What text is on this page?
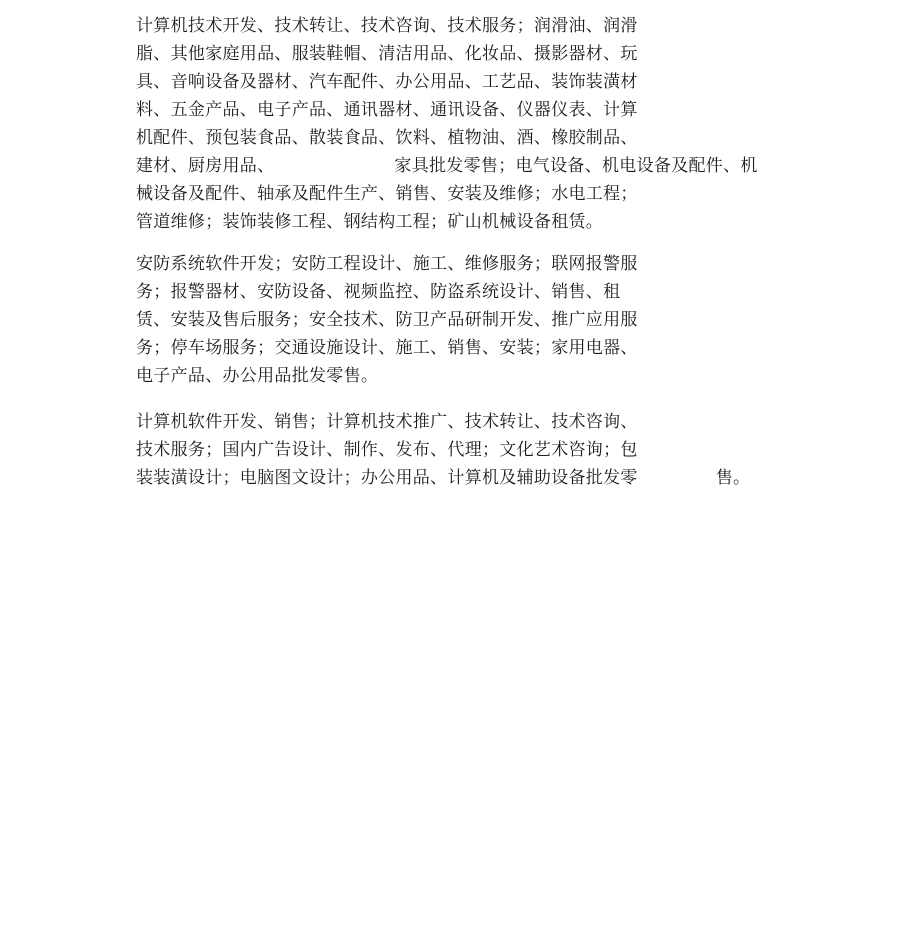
计算机技术开发、技术转让、技术咨询、技术服务；润滑油、润滑
脂、其他家庭用品、服装鞋帽、清洁用品、化妆品、摄影器材、玩
具、音响设备及器材、汽车配件、办公用品、工艺品、装饰装潢材
料、五金产品、电子产品、通讯器材、通讯设备、仪器仪表、计算
机配件、预包装食品、散装食品、饮料、植物油、酒、橡胶制品、
建材、厨房用品、	家具批发零售；电气设备、机电设备及配件、机
械设备及配件、轴承及配件生产、销售、安装及维修；水电工程；
管道维修；装饰装修工程、钢结构工程；矿山机械设备租赁。
安防系统软件开发；安防工程设计、施工、维修服务；联网报警服
务；报警器材、安防设备、视频监控、防盗系统设计、销售、租
赁、安装及售后服务；安全技术、防卫产品研制开发、推广应用服
务；停车场服务；交通设施设计、施工、销售、安装；家用电器、
电子产品、办公用品批发零售。
计算机软件开发、销售；计算机技术推广、技术转让、技术咨询、
技术服务；国内广告设计、制作、发布、代理；文化艺术咨询；包
装装潢设计；电脑图文设计；办公用品、计算机及辅助设备批发零	售。
